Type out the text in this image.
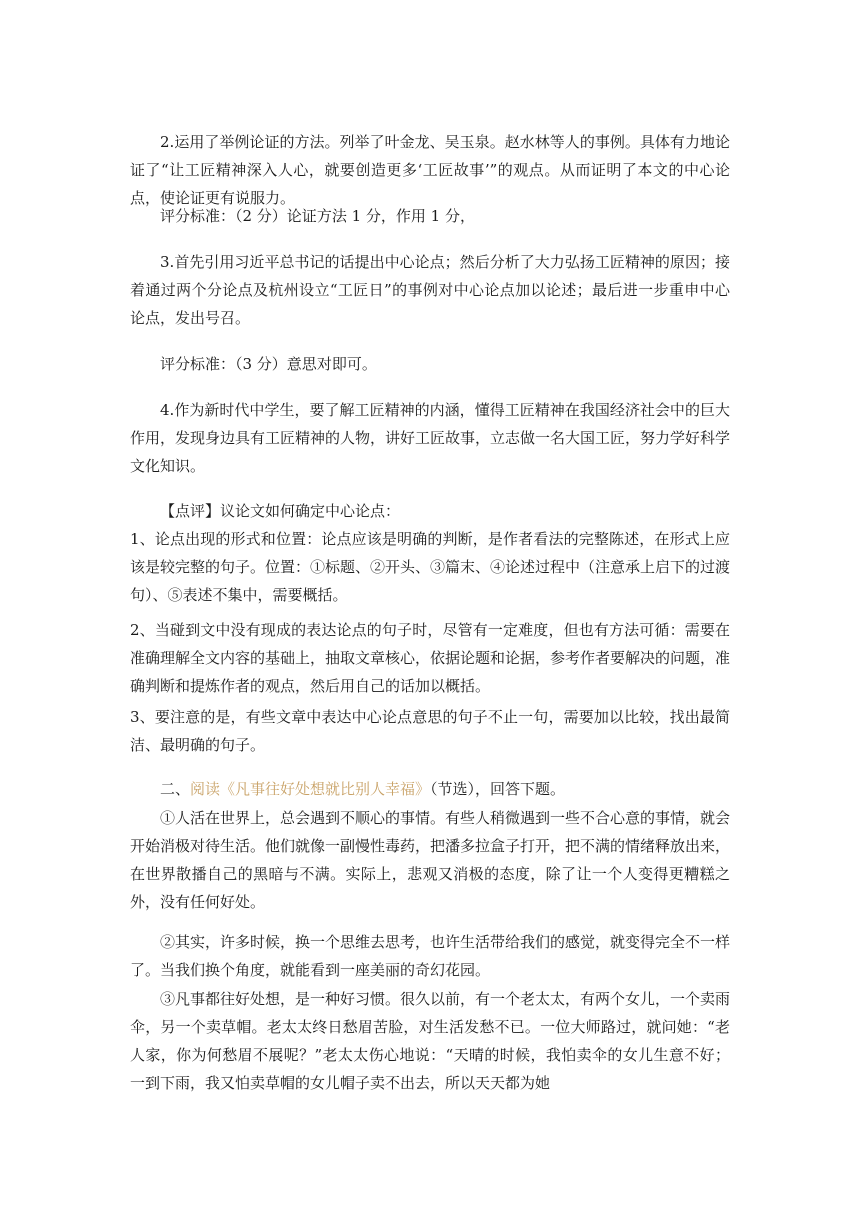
2.运用了举例论证的方法。列举了叶金龙、吴玉泉。赵水林等人的事例。具体有力地论证了“让工匠精神深入人心，就要创造更多‘工匠故事’”的观点。从而证明了本文的中心论点，使论证更有说服力。

评分标准：（2 分）论证方法 1 分，作用 1 分，

3.首先引用习近平总书记的话提出中心论点；然后分析了大力弘扬工匠精神的原因；接着通过两个分论点及杭州设立“工匠日”的事例对中心论点加以论述；最后进一步重申中心论点，发出号召。

评分标准：（3 分）意思对即可。

4.作为新时代中学生，要了解工匠精神的内涵，懂得工匠精神在我国经济社会中的巨大作用，发现身边具有工匠精神的人物，讲好工匠故事，立志做一名大国工匠，努力学好科学文化知识。

【点评】议论文如何确定中心论点：

1、论点出现的形式和位置：论点应该是明确的判断，是作者看法的完整陈述，在形式上应该是较完整的句子。位置：①标题、②开头、③篇末、④论述过程中（注意承上启下的过渡句）、⑤表述不集中，需要概括。

2、当碰到文中没有现成的表达论点的句子时，尽管有一定难度，但也有方法可循：需要在准确理解全文内容的基础上，抽取文章核心，依据论题和论据，参考作者要解决的问题，准确判断和提炼作者的观点，然后用自己的话加以概括。

3、要注意的是，有些文章中表达中心论点意思的句子不止一句，需要加以比较，找出最简洁、最明确的句子。

二、阅读《凡事往好处想就比别人幸福》（节选），回答下题。

①人活在世界上，总会遇到不顺心的事情。有些人稍微遇到一些不合心意的事情，就会开始消极对待生活。他们就像一副慢性毒药，把潘多拉盒子打开，把不满的情绪释放出来，在世界散播自己的黑暗与不满。实际上，悲观又消极的态度，除了让一个人变得更糟糕之外，没有任何好处。

②其实，许多时候，换一个思维去思考，也许生活带给我们的感觉，就变得完全不一样了。当我们换个角度，就能看到一座美丽的奇幻花园。

③凡事都往好处想，是一种好习惯。很久以前，有一个老太太，有两个女儿，一个卖雨伞，另一个卖草帽。老太太终日愁眉苦脸，对生活发愁不已。一位大师路过，就问她：“老人家，你为何愁眉不展呢？”老太太伤心地说：“天晴的时候，我怕卖伞的女儿生意不好；一到下雨，我又怕卖草帽的女儿帽子卖不出去，所以天天都为她
